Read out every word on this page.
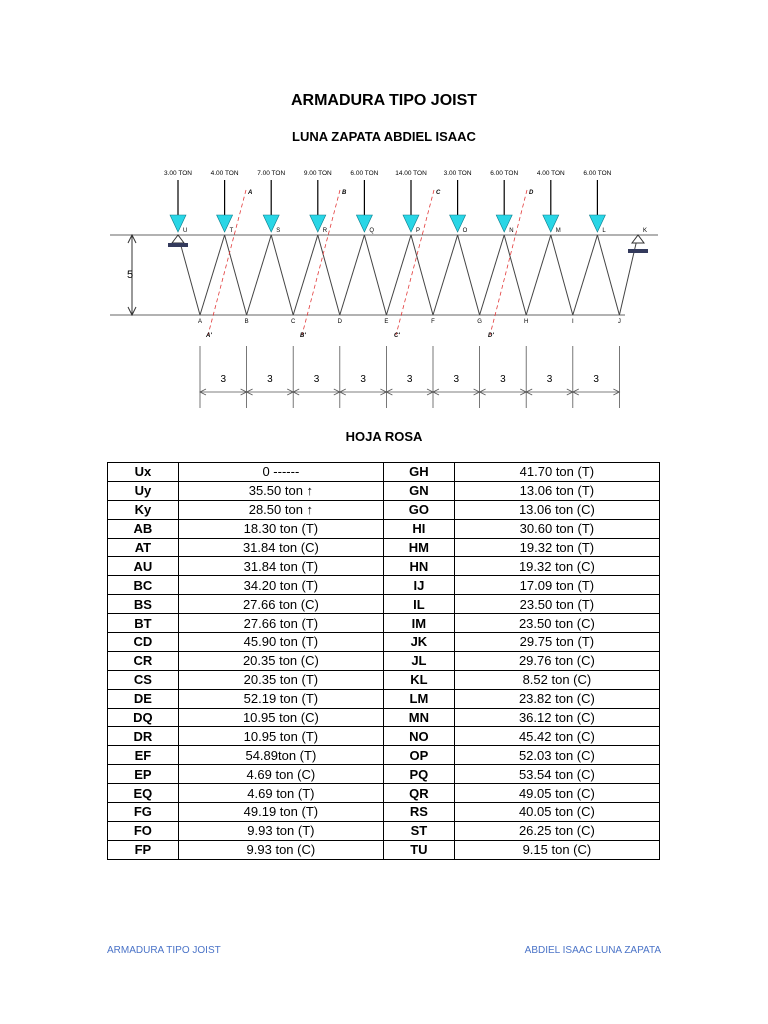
ARMADURA TIPO JOIST
LUNA ZAPATA ABDIEL ISAAC
5
3.00 TON	4.00 TON	7.00 TON	9.00 TON	6.00 TON	14.00 TON	3.00 TON	6.00 TON	4.00 TON	6.00 TON
U	T	S	R	Q	P	O	N	M	L	K
A	B	C	D	E	F	G	H	I	J
A
A'
B
B'
C
C'
D
D'
3	3	3	3	3	3	3	3	3
HOJA ROSA
Ux	0 ------	GH	41.70 ton (T)
Uy	35.50 ton ↑	GN	13.06 ton (T)
Ky	28.50 ton ↑	GO	13.06 ton (C)
AB	18.30 ton (T)	HI	30.60 ton (T)
AT	31.84 ton (C)	HM	19.32 ton (T)
AU	31.84 ton (T)	HN	19.32 ton (C)
BC	34.20 ton (T)	IJ	17.09 ton (T)
BS	27.66 ton (C)	IL	23.50 ton (T)
BT	27.66 ton (T)	IM	23.50 ton (C)
CD	45.90 ton (T)	JK	29.75 ton (T)
CR	20.35 ton (C)	JL	29.76 ton (C)
CS	20.35 ton (T)	KL	8.52 ton (C)
DE	52.19 ton (T)	LM	23.82 ton (C)
DQ	10.95 ton (C)	MN	36.12 ton (C)
DR	10.95 ton (T)	NO	45.42 ton (C)
EF	54.89ton (T)	OP	52.03 ton (C)
EP	4.69 ton (C)	PQ	53.54 ton (C)
EQ	4.69 ton (T)	QR	49.05 ton (C)
FG	49.19 ton (T)	RS	40.05 ton (C)
FO	9.93 ton (T)	ST	26.25 ton (C)
FP	9.93 ton (C)	TU	9.15 ton (C)
ARMADURA TIPO JOIST	ABDIEL ISAAC LUNA ZAPATA
